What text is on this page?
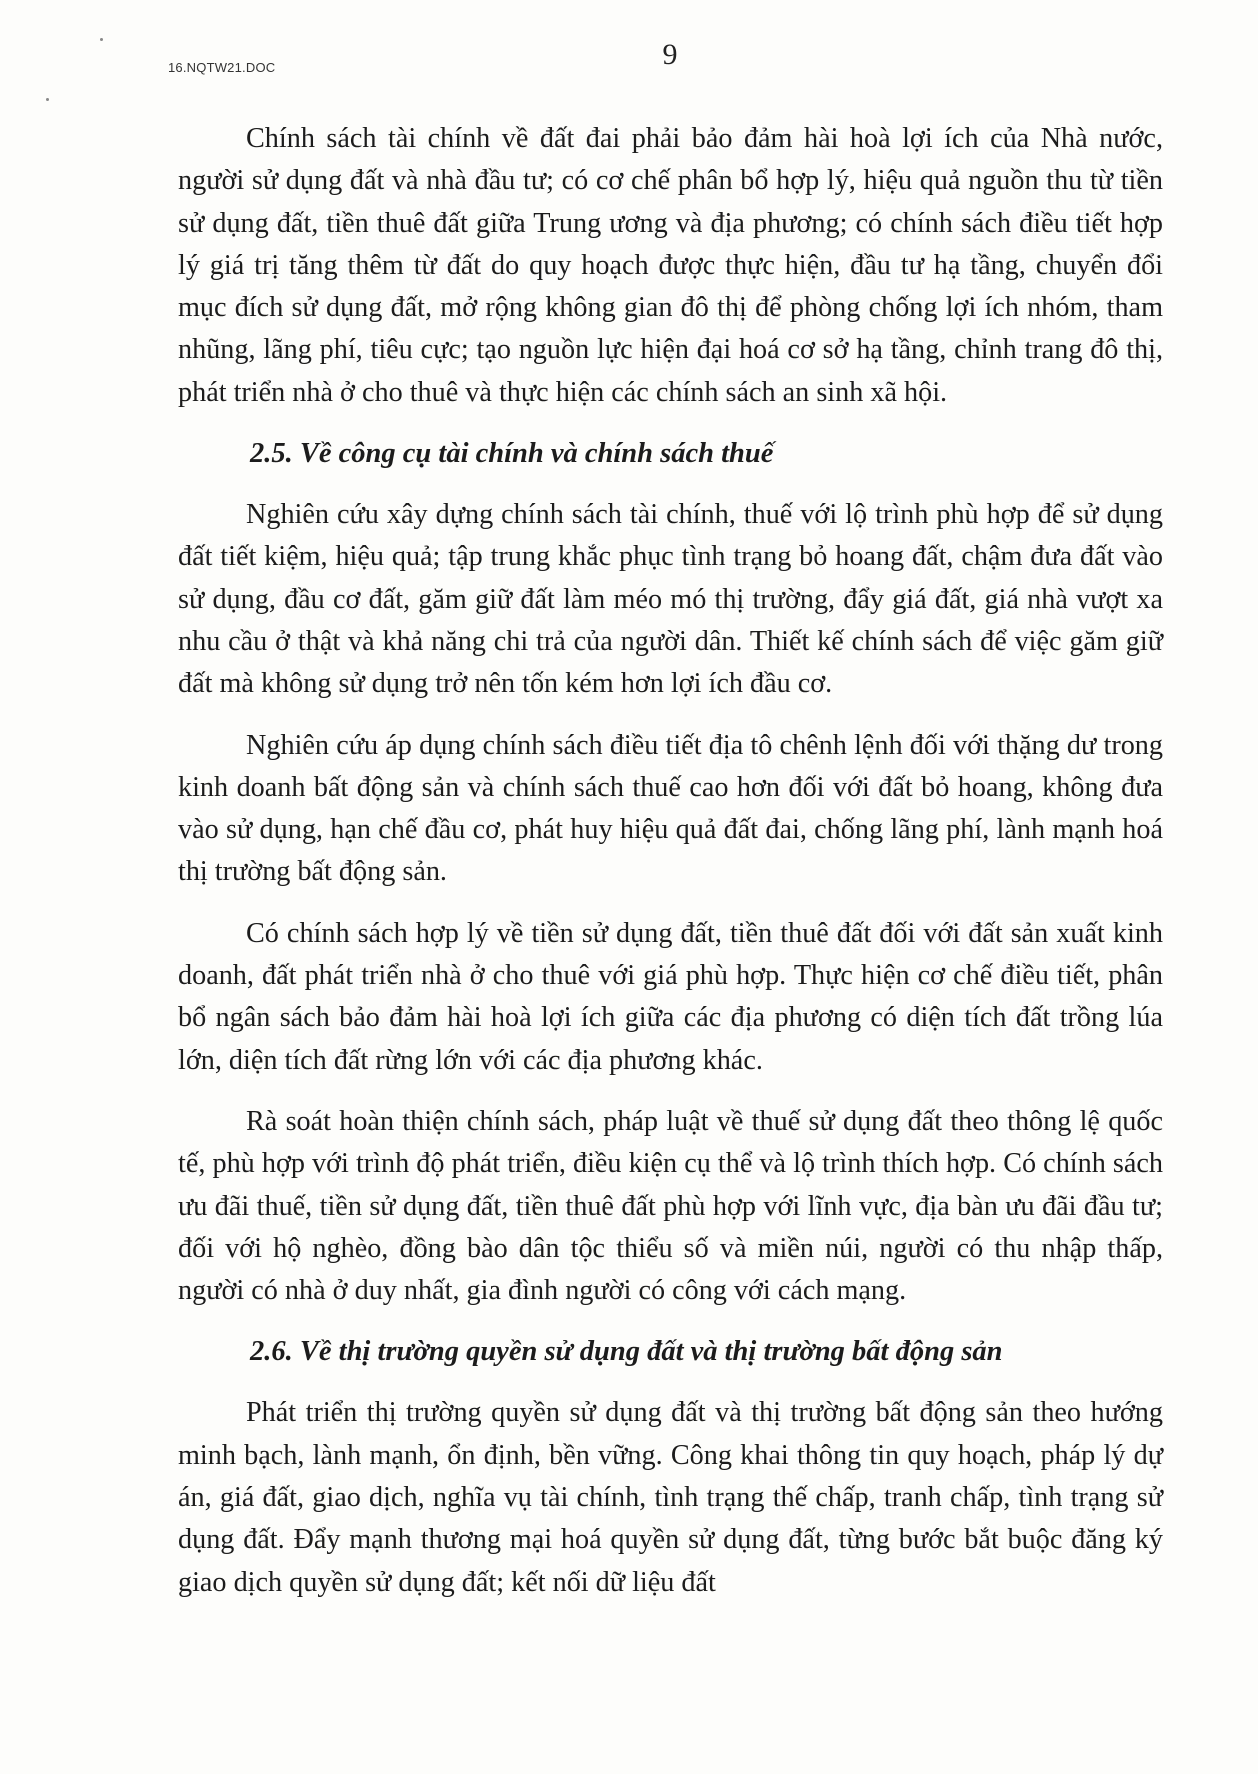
16.NQTW21.DOC	9

Chính sách tài chính về đất đai phải bảo đảm hài hoà lợi ích của Nhà nước, người sử dụng đất và nhà đầu tư; có cơ chế phân bổ hợp lý, hiệu quả nguồn thu từ tiền sử dụng đất, tiền thuê đất giữa Trung ương và địa phương; có chính sách điều tiết hợp lý giá trị tăng thêm từ đất do quy hoạch được thực hiện, đầu tư hạ tầng, chuyển đổi mục đích sử dụng đất, mở rộng không gian đô thị để phòng chống lợi ích nhóm, tham nhũng, lãng phí, tiêu cực; tạo nguồn lực hiện đại hoá cơ sở hạ tầng, chỉnh trang đô thị, phát triển nhà ở cho thuê và thực hiện các chính sách an sinh xã hội.

2.5. Về công cụ tài chính và chính sách thuế

Nghiên cứu xây dựng chính sách tài chính, thuế với lộ trình phù hợp để sử dụng đất tiết kiệm, hiệu quả; tập trung khắc phục tình trạng bỏ hoang đất, chậm đưa đất vào sử dụng, đầu cơ đất, găm giữ đất làm méo mó thị trường, đẩy giá đất, giá nhà vượt xa nhu cầu ở thật và khả năng chi trả của người dân. Thiết kế chính sách để việc găm giữ đất mà không sử dụng trở nên tốn kém hơn lợi ích đầu cơ.

Nghiên cứu áp dụng chính sách điều tiết địa tô chênh lệnh đối với thặng dư trong kinh doanh bất động sản và chính sách thuế cao hơn đối với đất bỏ hoang, không đưa vào sử dụng, hạn chế đầu cơ, phát huy hiệu quả đất đai, chống lãng phí, lành mạnh hoá thị trường bất động sản.

Có chính sách hợp lý về tiền sử dụng đất, tiền thuê đất đối với đất sản xuất kinh doanh, đất phát triển nhà ở cho thuê với giá phù hợp. Thực hiện cơ chế điều tiết, phân bổ ngân sách bảo đảm hài hoà lợi ích giữa các địa phương có diện tích đất trồng lúa lớn, diện tích đất rừng lớn với các địa phương khác.

Rà soát hoàn thiện chính sách, pháp luật về thuế sử dụng đất theo thông lệ quốc tế, phù hợp với trình độ phát triển, điều kiện cụ thể và lộ trình thích hợp. Có chính sách ưu đãi thuế, tiền sử dụng đất, tiền thuê đất phù hợp với lĩnh vực, địa bàn ưu đãi đầu tư; đối với hộ nghèo, đồng bào dân tộc thiểu số và miền núi, người có thu nhập thấp, người có nhà ở duy nhất, gia đình người có công với cách mạng.

2.6. Về thị trường quyền sử dụng đất và thị trường bất động sản

Phát triển thị trường quyền sử dụng đất và thị trường bất động sản theo hướng minh bạch, lành mạnh, ổn định, bền vững. Công khai thông tin quy hoạch, pháp lý dự án, giá đất, giao dịch, nghĩa vụ tài chính, tình trạng thế chấp, tranh chấp, tình trạng sử dụng đất. Đẩy mạnh thương mại hoá quyền sử dụng đất, từng bước bắt buộc đăng ký giao dịch quyền sử dụng đất; kết nối dữ liệu đất
